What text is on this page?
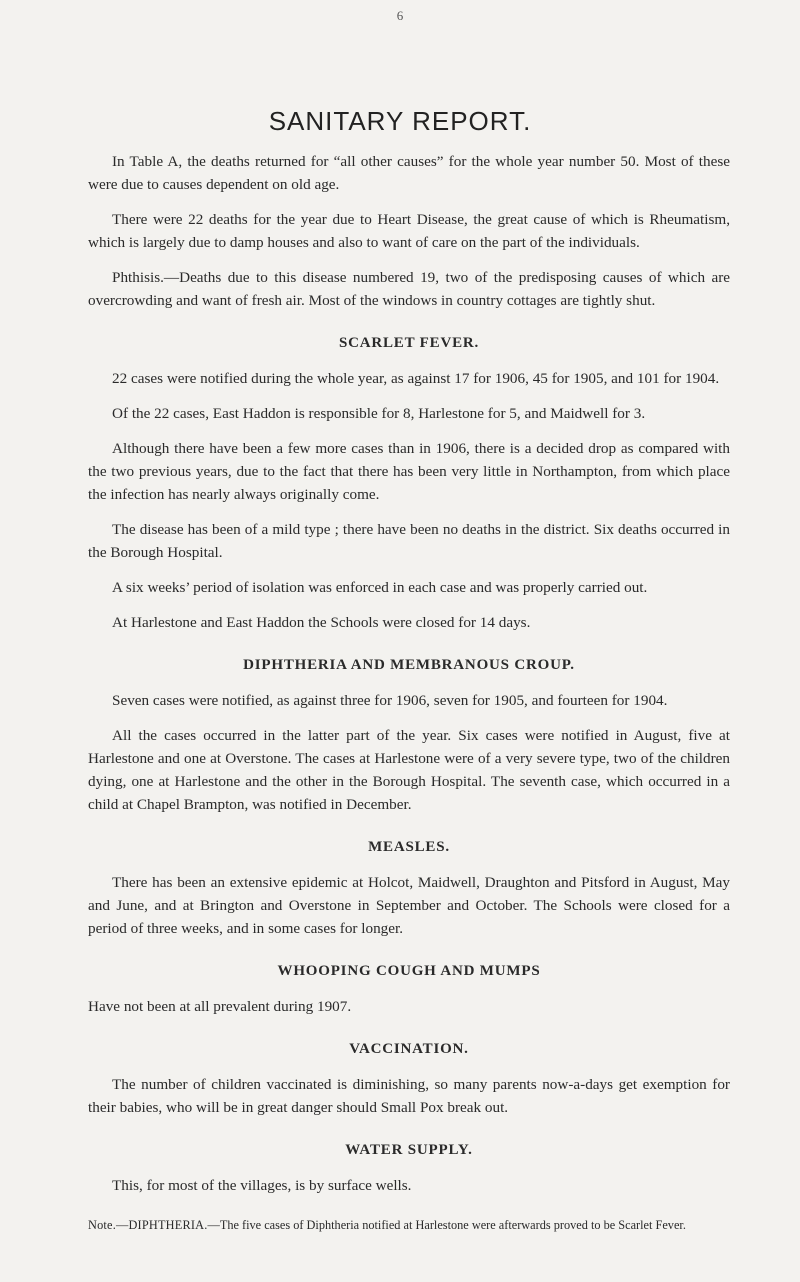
6
SANITARY REPORT.

In Table A, the deaths returned for “all other causes” for the whole year number 50. Most of these were due to causes dependent on old age.

There were 22 deaths for the year due to Heart Disease, the great cause of which is Rheumatism, which is largely due to damp houses and also to want of care on the part of the individuals.

Phthisis.—Deaths due to this disease numbered 19, two of the predisposing causes of which are overcrowding and want of fresh air. Most of the windows in country cottages are tightly shut.

SCARLET FEVER.

22 cases were notified during the whole year, as against 17 for 1906, 45 for 1905, and 101 for 1904.

Of the 22 cases, East Haddon is responsible for 8, Harlestone for 5, and Maidwell for 3.

Although there have been a few more cases than in 1906, there is a decided drop as compared with the two previous years, due to the fact that there has been very little in Northampton, from which place the infection has nearly always originally come.

The disease has been of a mild type ; there have been no deaths in the district. Six deaths occurred in the Borough Hospital.

A six weeks’ period of isolation was enforced in each case and was properly carried out.

At Harlestone and East Haddon the Schools were closed for 14 days.

DIPHTHERIA AND MEMBRANOUS CROUP.

Seven cases were notified, as against three for 1906, seven for 1905, and fourteen for 1904.

All the cases occurred in the latter part of the year. Six cases were notified in August, five at Harlestone and one at Overstone. The cases at Harlestone were of a very severe type, two of the children dying, one at Harlestone and the other in the Borough Hospital. The seventh case, which occurred in a child at Chapel Brampton, was notified in December.

MEASLES.

There has been an extensive epidemic at Holcot, Maidwell, Draughton and Pitsford in August, May and June, and at Brington and Overstone in September and October. The Schools were closed for a period of three weeks, and in some cases for longer.

WHOOPING COUGH AND MUMPS

Have not been at all prevalent during 1907.

VACCINATION.

The number of children vaccinated is diminishing, so many parents now-a-days get exemption for their babies, who will be in great danger should Small Pox break out.

WATER SUPPLY.

This, for most of the villages, is by surface wells.

Note.—DIPHTHERIA.—The five cases of Diphtheria notified at Harlestone were afterwards proved to be Scarlet Fever.
